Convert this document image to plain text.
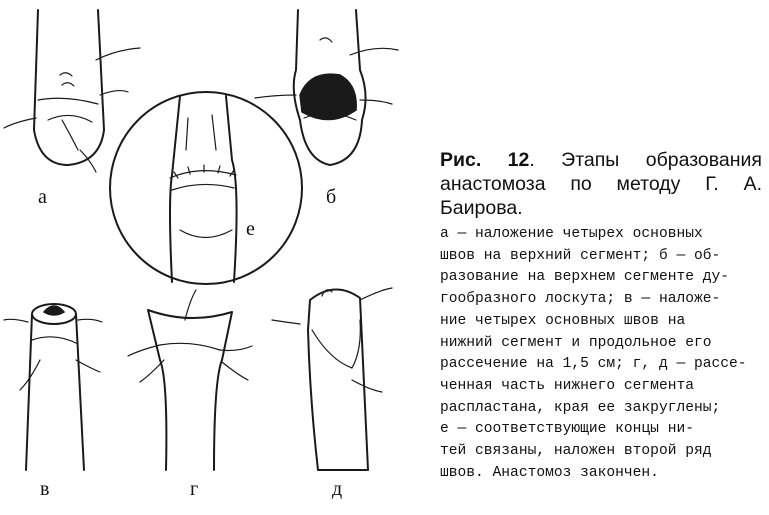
а	б
е
в	г	д

Рис. 12. Этапы образования анастомоза по методу Г. А. Баирова.

а — наложение четырех основных
швов на верхний сегмент; б — об-
разование на верхнем сегменте ду-
гообразного лоскута; в — наложе-
ние четырех основных швов на
нижний сегмент и продольное его
рассечение на 1,5 см; г, д — рассе-
ченная часть нижнего сегмента
распластана, края ее закруглены;
е — соответствующие концы ни-
тей связаны, наложен второй ряд
швов. Анастомоз закончен.
